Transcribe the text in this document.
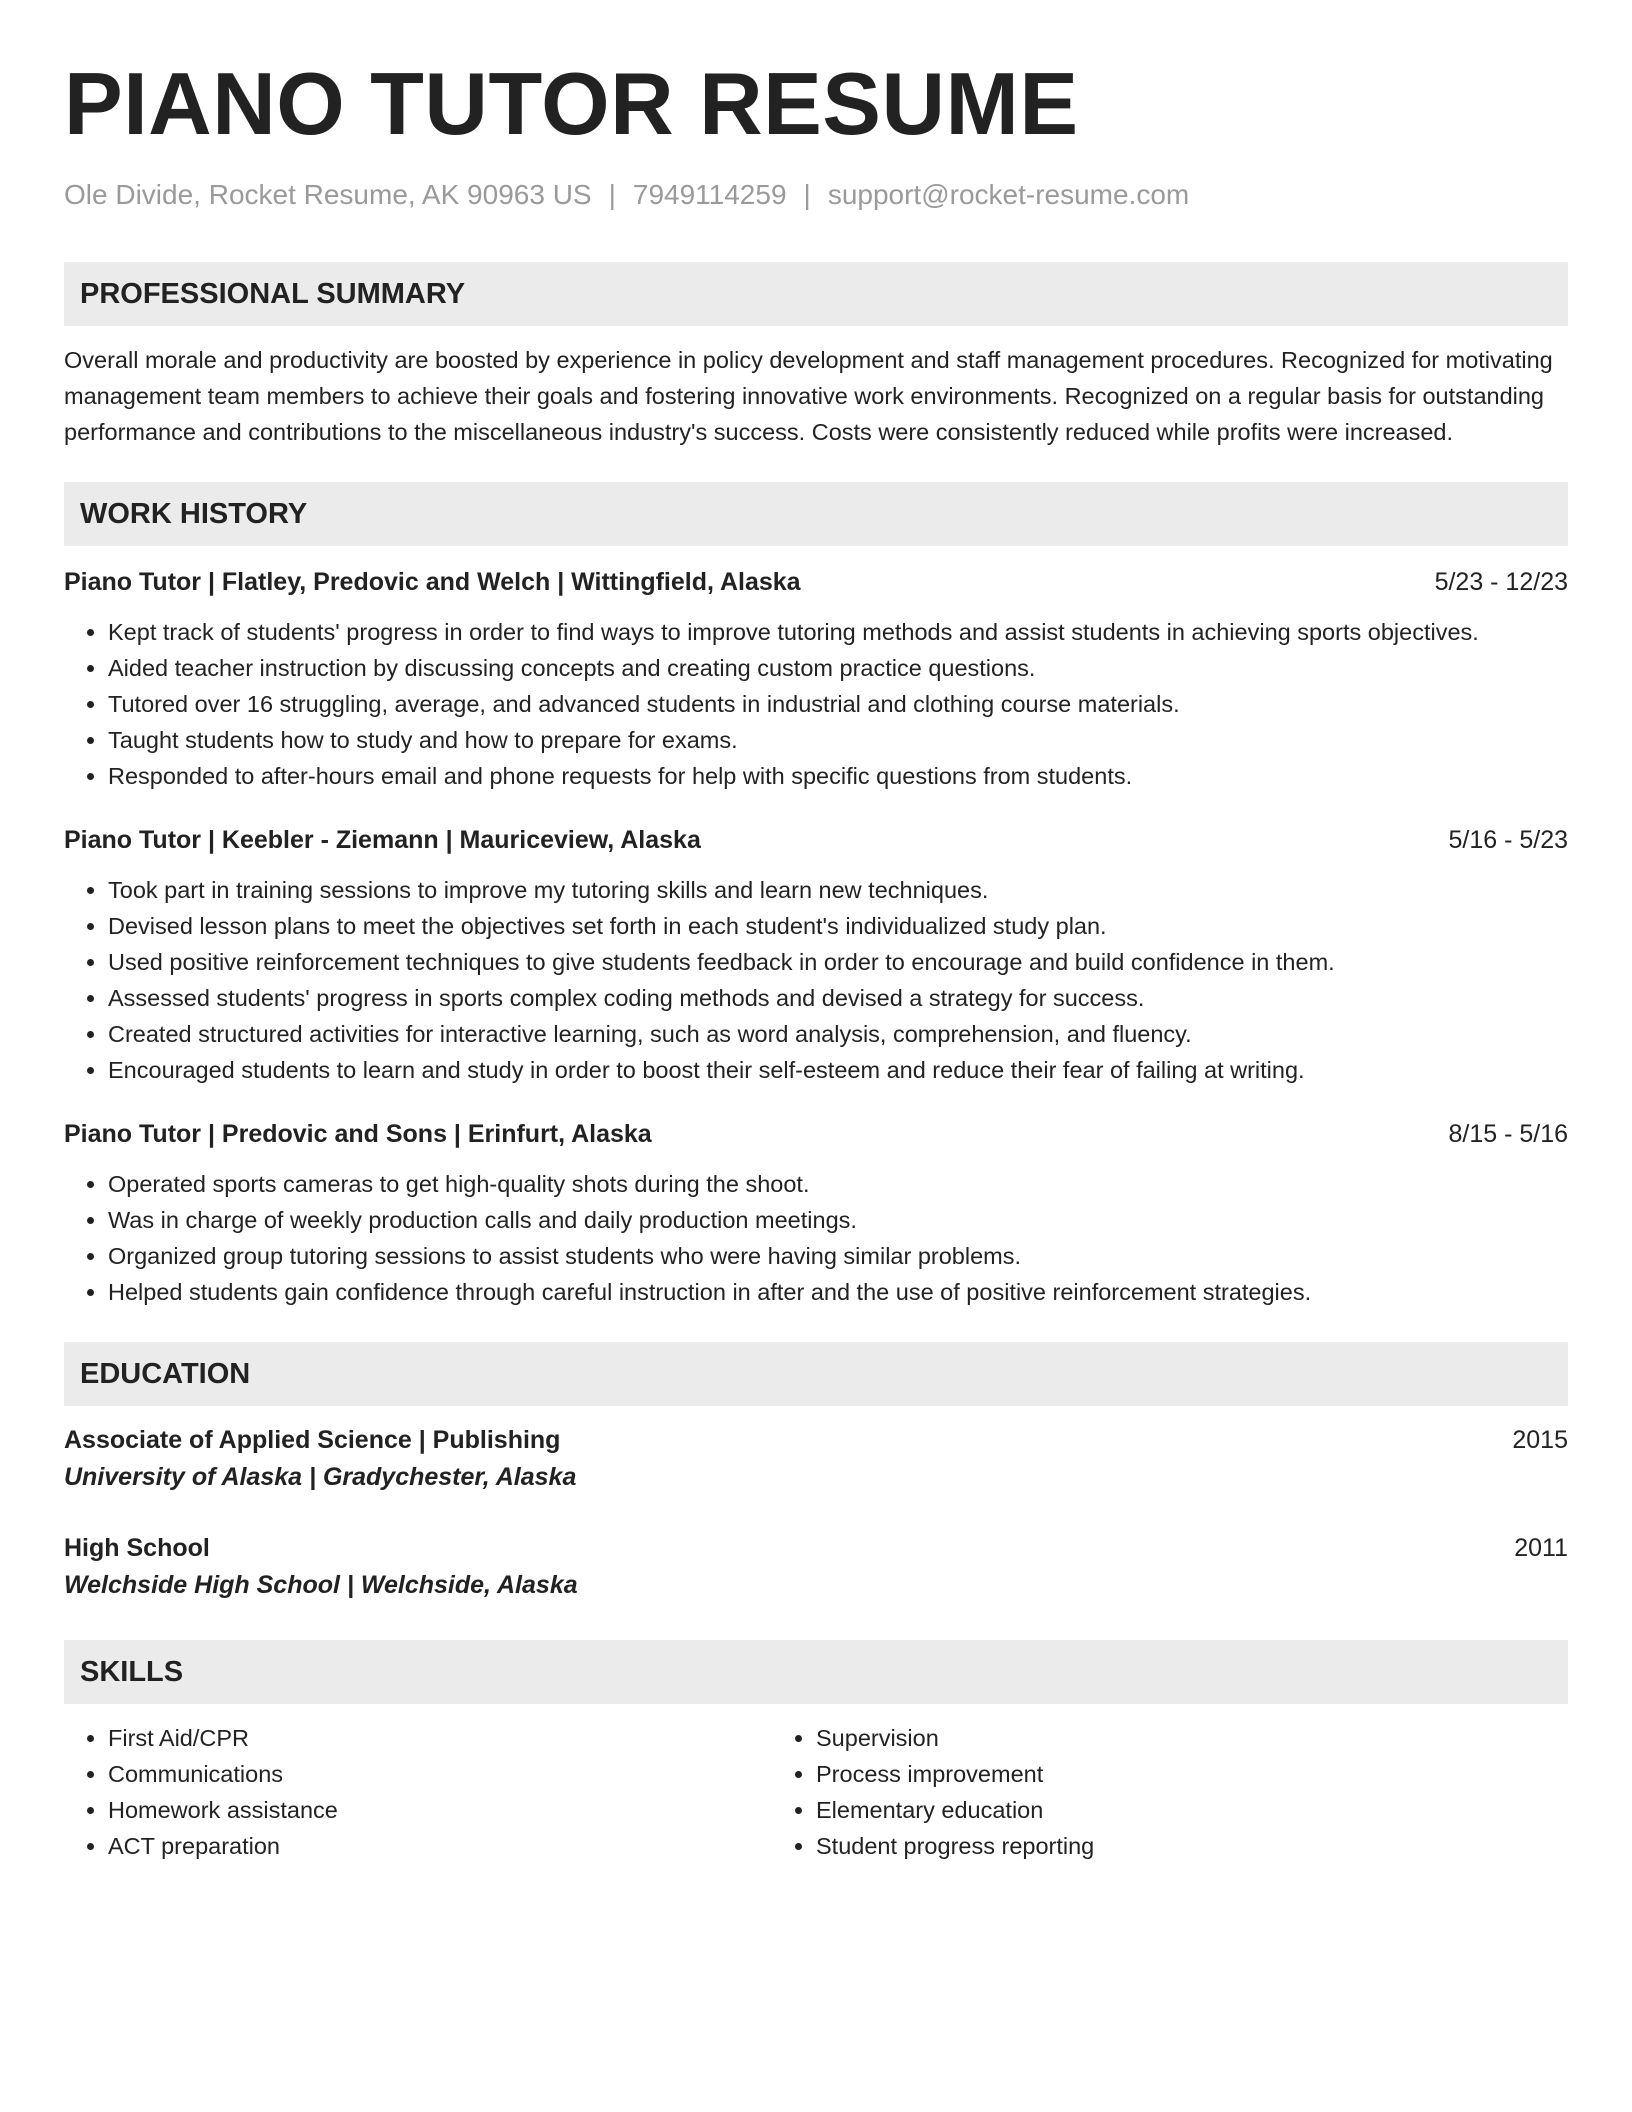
PIANO TUTOR RESUME
Ole Divide, Rocket Resume, AK 90963 US | 7949114259 | support@rocket-resume.com
PROFESSIONAL SUMMARY
Overall morale and productivity are boosted by experience in policy development and staff management procedures. Recognized for motivating management team members to achieve their goals and fostering innovative work environments. Recognized on a regular basis for outstanding performance and contributions to the miscellaneous industry's success. Costs were consistently reduced while profits were increased.
WORK HISTORY
Piano Tutor | Flatley, Predovic and Welch | Wittingfield, Alaska	5/23 - 12/23
• Kept track of students' progress in order to find ways to improve tutoring methods and assist students in achieving sports objectives.
• Aided teacher instruction by discussing concepts and creating custom practice questions.
• Tutored over 16 struggling, average, and advanced students in industrial and clothing course materials.
• Taught students how to study and how to prepare for exams.
• Responded to after-hours email and phone requests for help with specific questions from students.
Piano Tutor | Keebler - Ziemann | Mauriceview, Alaska	5/16 - 5/23
• Took part in training sessions to improve my tutoring skills and learn new techniques.
• Devised lesson plans to meet the objectives set forth in each student's individualized study plan.
• Used positive reinforcement techniques to give students feedback in order to encourage and build confidence in them.
• Assessed students' progress in sports complex coding methods and devised a strategy for success.
• Created structured activities for interactive learning, such as word analysis, comprehension, and fluency.
• Encouraged students to learn and study in order to boost their self-esteem and reduce their fear of failing at writing.
Piano Tutor | Predovic and Sons | Erinfurt, Alaska	8/15 - 5/16
• Operated sports cameras to get high-quality shots during the shoot.
• Was in charge of weekly production calls and daily production meetings.
• Organized group tutoring sessions to assist students who were having similar problems.
• Helped students gain confidence through careful instruction in after and the use of positive reinforcement strategies.
EDUCATION
Associate of Applied Science | Publishing	2015
University of Alaska | Gradychester, Alaska
High School	2011
Welchside High School | Welchside, Alaska
SKILLS
• First Aid/CPR
• Communications
• Homework assistance
• ACT preparation
• Supervision
• Process improvement
• Elementary education
• Student progress reporting
